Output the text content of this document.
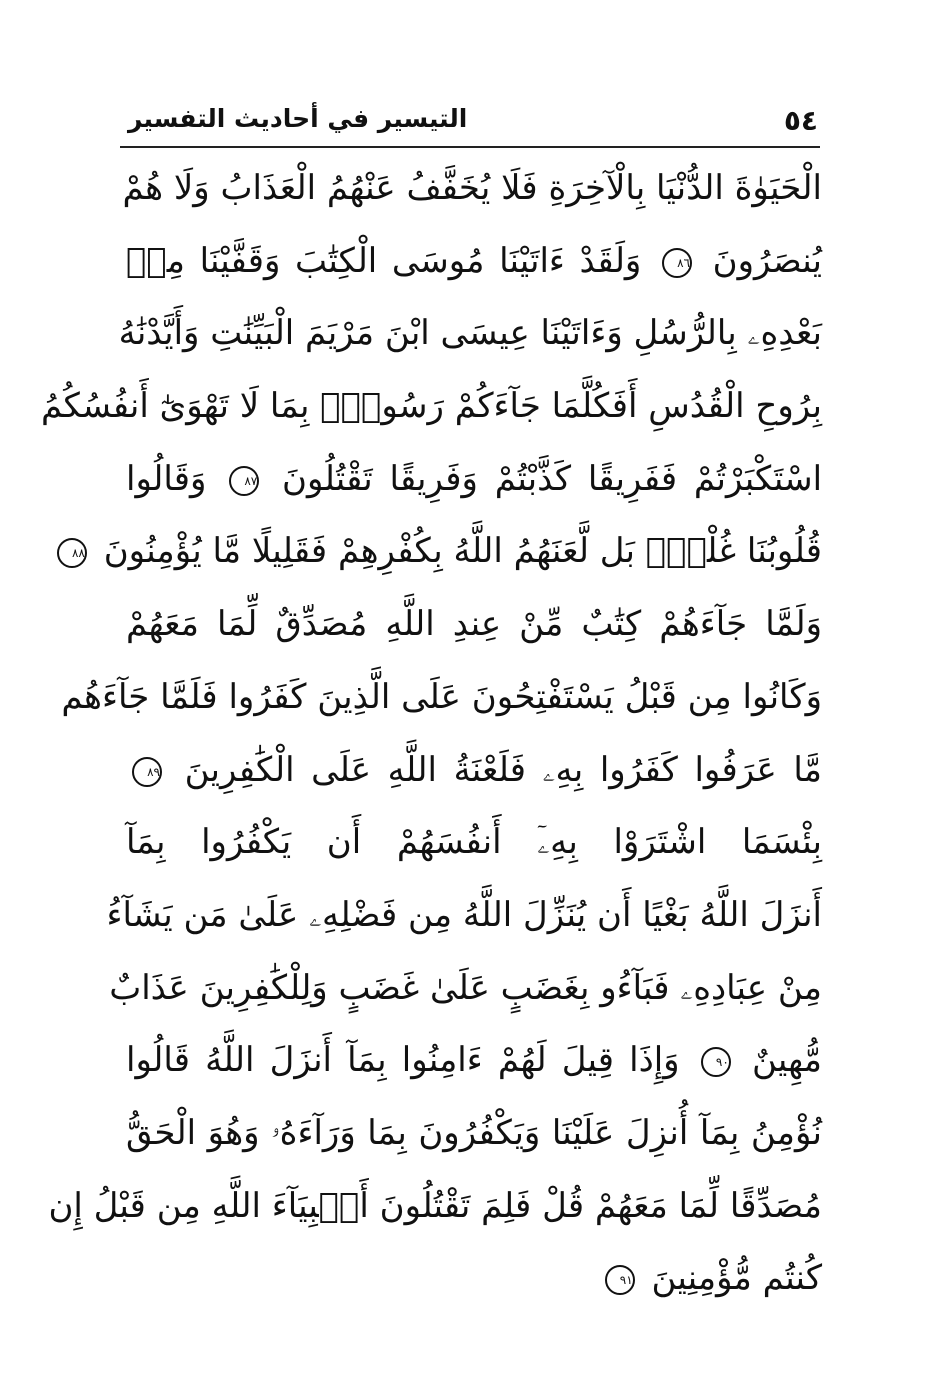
٥٤
التيسير في أحاديث التفسير
الْحَيَوٰةَ الدُّنْيَا بِالْآخِرَةِ فَلَا يُخَفَّفُ عَنْهُمُ الْعَذَابُ وَلَا هُمْ
يُنصَرُونَ ٨٦ وَلَقَدْ ءَاتَيْنَا مُوسَى الْكِتَٰبَ وَقَفَّيْنَا مِنۢ
بَعْدِهِۦ بِالرُّسُلِ وَءَاتَيْنَا عِيسَى ابْنَ مَرْيَمَ الْبَيِّنَٰتِ وَأَيَّدْنَٰهُ
بِرُوحِ الْقُدُسِ أَفَكُلَّمَا جَآءَكُمْ رَسُولٌۢ بِمَا لَا تَهْوَىٰٓ أَنفُسُكُمُ
اسْتَكْبَرْتُمْ فَفَرِيقًا كَذَّبْتُمْ وَفَرِيقًا تَقْتُلُونَ ٨٧ وَقَالُوا
قُلُوبُنَا غُلْفٌۢ بَل لَّعَنَهُمُ اللَّهُ بِكُفْرِهِمْ فَقَلِيلًا مَّا يُؤْمِنُونَ ٨٨
وَلَمَّا جَآءَهُمْ كِتَٰبٌ مِّنْ عِندِ اللَّهِ مُصَدِّقٌ لِّمَا مَعَهُمْ
وَكَانُوا مِن قَبْلُ يَسْتَفْتِحُونَ عَلَى الَّذِينَ كَفَرُوا فَلَمَّا جَآءَهُم
مَّا عَرَفُوا كَفَرُوا بِهِۦ فَلَعْنَةُ اللَّهِ عَلَى الْكَٰفِرِينَ ٨٩
بِئْسَمَا اشْتَرَوْا بِهِۦٓ أَنفُسَهُمْ أَن يَكْفُرُوا بِمَآ
أَنزَلَ اللَّهُ بَغْيًا أَن يُنَزِّلَ اللَّهُ مِن فَضْلِهِۦ عَلَىٰ مَن يَشَآءُ
مِنْ عِبَادِهِۦ فَبَآءُو بِغَضَبٍ عَلَىٰ غَضَبٍ وَلِلْكَٰفِرِينَ عَذَابٌ
مُّهِينٌ ٩٠ وَإِذَا قِيلَ لَهُمْ ءَامِنُوا بِمَآ أَنزَلَ اللَّهُ قَالُوا
نُؤْمِنُ بِمَآ أُنزِلَ عَلَيْنَا وَيَكْفُرُونَ بِمَا وَرَآءَهُۥ وَهُوَ الْحَقُّ
مُصَدِّقًا لِّمَا مَعَهُمْ قُلْ فَلِمَ تَقْتُلُونَ أَنۢبِيَآءَ اللَّهِ مِن قَبْلُ إِن
كُنتُم مُّؤْمِنِينَ ٩١
